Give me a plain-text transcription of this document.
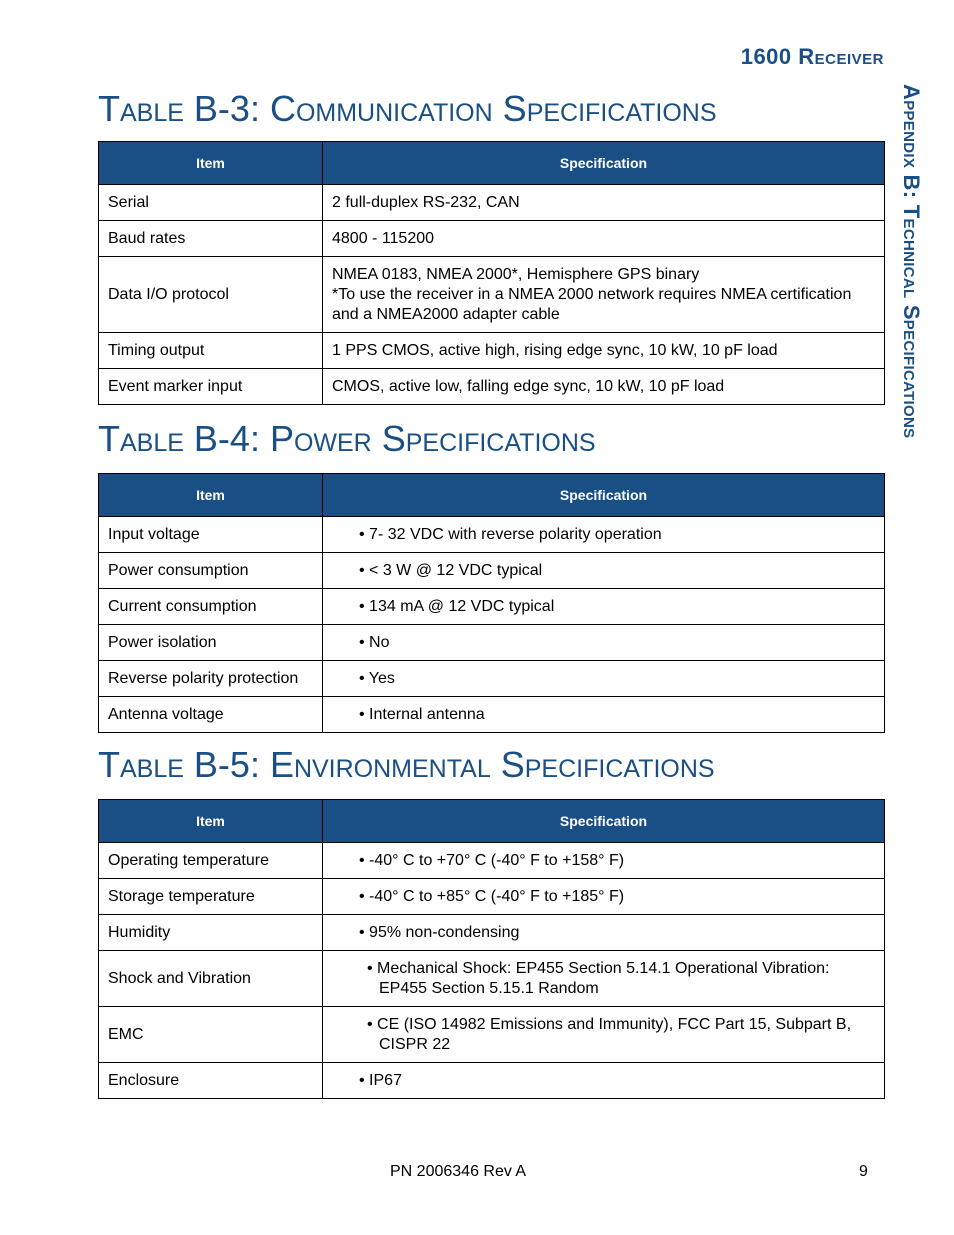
1600 Receiver
Appendix B: Technical Specifications
Table B-3: Communication Specifications
Item	Specification
Serial	2 full-duplex RS-232, CAN
Baud rates	4800 - 115200
Data I/O protocol	NMEA 0183, NMEA 2000*, Hemisphere GPS binary
*To use the receiver in a NMEA 2000 network requires NMEA certification and a NMEA2000 adapter cable

Timing output	1 PPS CMOS, active high, rising edge sync, 10 kW, 10 pF load
Event marker input	CMOS, active low, falling edge sync, 10 kW, 10 pF load
Table B-4: Power Specifications
Item	Specification
Input voltage	• 7- 32 VDC with reverse polarity operation
Power consumption	• < 3 W @ 12 VDC typical
Current consumption	• 134 mA @ 12 VDC typical
Power isolation	• No
Reverse polarity protection	• Yes
Antenna voltage	• Internal antenna
Table B-5: Environmental Specifications
Item	Specification
Operating temperature	• -40° C to +70° C (-40° F to +158° F)
Storage temperature	• -40° C to +85° C (-40° F to +185° F)
Humidity	• 95% non-condensing
Shock and Vibration	• Mechanical Shock: EP455 Section 5.14.1 Operational Vibration: EP455 Section 5.15.1 Random

EMC	• CE (ISO 14982 Emissions and Immunity), FCC Part 15, Subpart B, CISPR 22

Enclosure	• IP67
PN 2006346 Rev A	9
